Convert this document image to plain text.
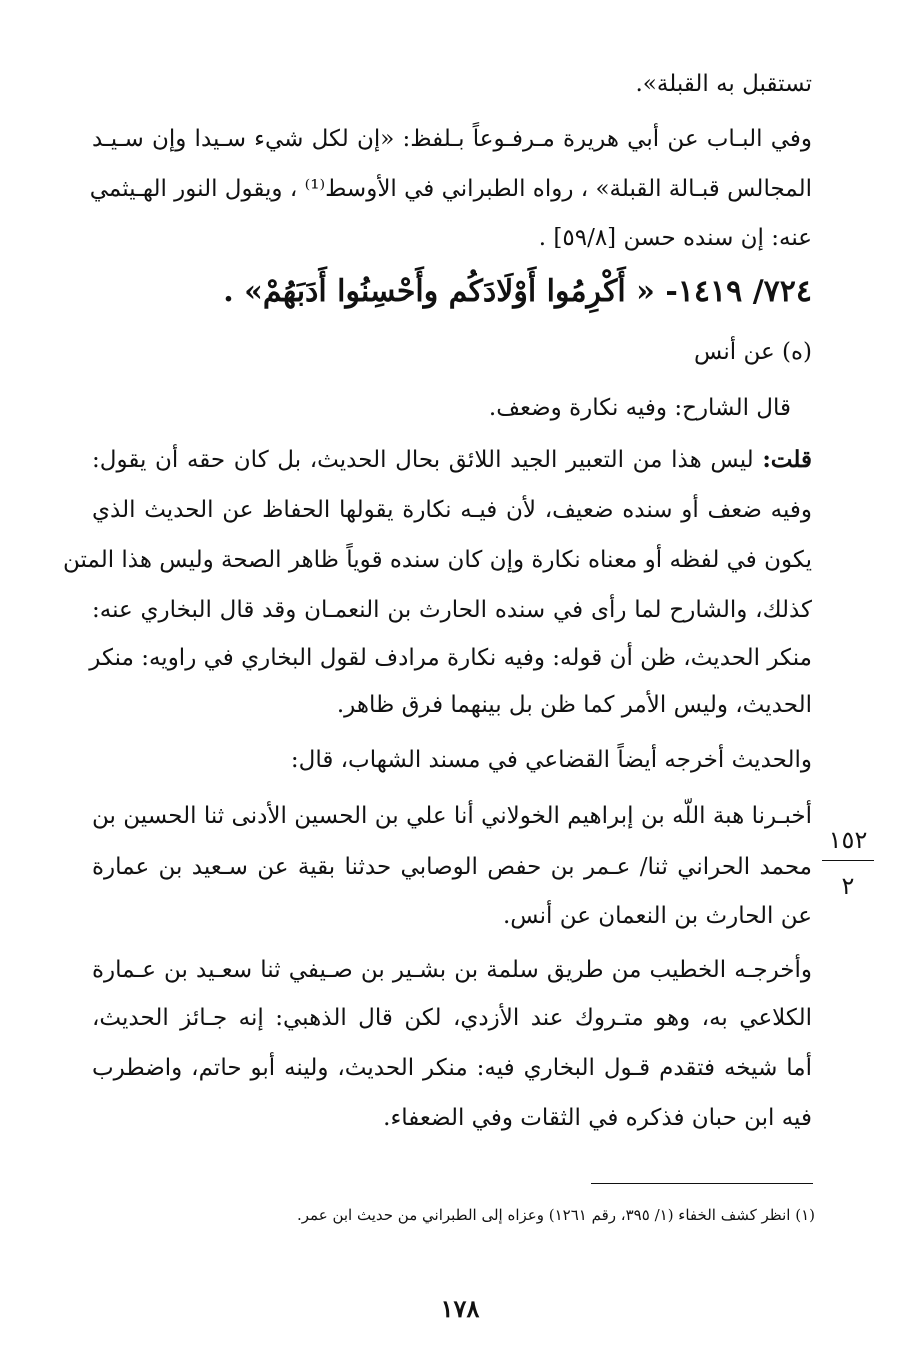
تستقبل به القبلة».
وفي البـاب عن أبي هريرة مـرفـوعاً بـلفظ: «إن لكل شيء سـيدا وإن سـيـد
المجالس قبـالة القبلة» ، رواه الطبراني في الأوسط⁽¹⁾ ، ويقول النور الهـيثمي
عنه: إن سنده حسن [٥٩/٨] .
٧٢٤/ ١٤١٩- « أَكْرِمُوا أَوْلَادَكُم وأَحْسِنُوا أَدَبَهُمْ» .
(ه) عن أنس
قال الشارح: وفيه نكارة وضعف.
قلت: ليس هذا من التعبير الجيد اللائق بحال الحديث، بل كان حقه أن يقول:
وفيه ضعف أو سنده ضعيف، لأن فيـه نكارة يقولها الحفاظ عن الحديث الذي
يكون في لفظه أو معناه نكارة وإن كان سنده قوياً ظاهر الصحة وليس هذا المتن
كذلك، والشارح لما رأى في سنده الحارث بن النعمـان وقد قال البخاري عنه:
منكر الحديث، ظن أن قوله: وفيه نكارة مرادف لقول البخاري في راويه: منكر
الحديث، وليس الأمر كما ظن بل بينهما فرق ظاهر.
والحديث أخرجه أيضاً القضاعي في مسند الشهاب، قال:
أخبـرنا هبة اللّه بن إبراهيم الخولاني أنا علي بن الحسين الأدنى ثنا الحسين بن
محمد الحراني ثنا/ عـمر بن حفص الوصابي حدثنا بقية عن سـعيد بن عمارة
عن الحارث بن النعمان عن أنس.
وأخرجـه الخطيب من طريق سلمة بن بشـير بن صـيفي ثنا سعـيد بن عـمارة
الكلاعي به، وهو متـروك عند الأزدي، لكن قال الذهبي: إنه جـائز الحديث،
أما شيخه فتقدم قـول البخاري فيه: منكر الحديث، ولينه أبو حاتم، واضطرب
فيه ابن حبان فذكره في الثقات وفي الضعفاء.
١٥٢
٢
(١) انظر كشف الخفاء (١/ ٣٩٥، رقم ١٢٦١) وعزاه إلى الطبراني من حديث ابن عمر.
١٧٨
